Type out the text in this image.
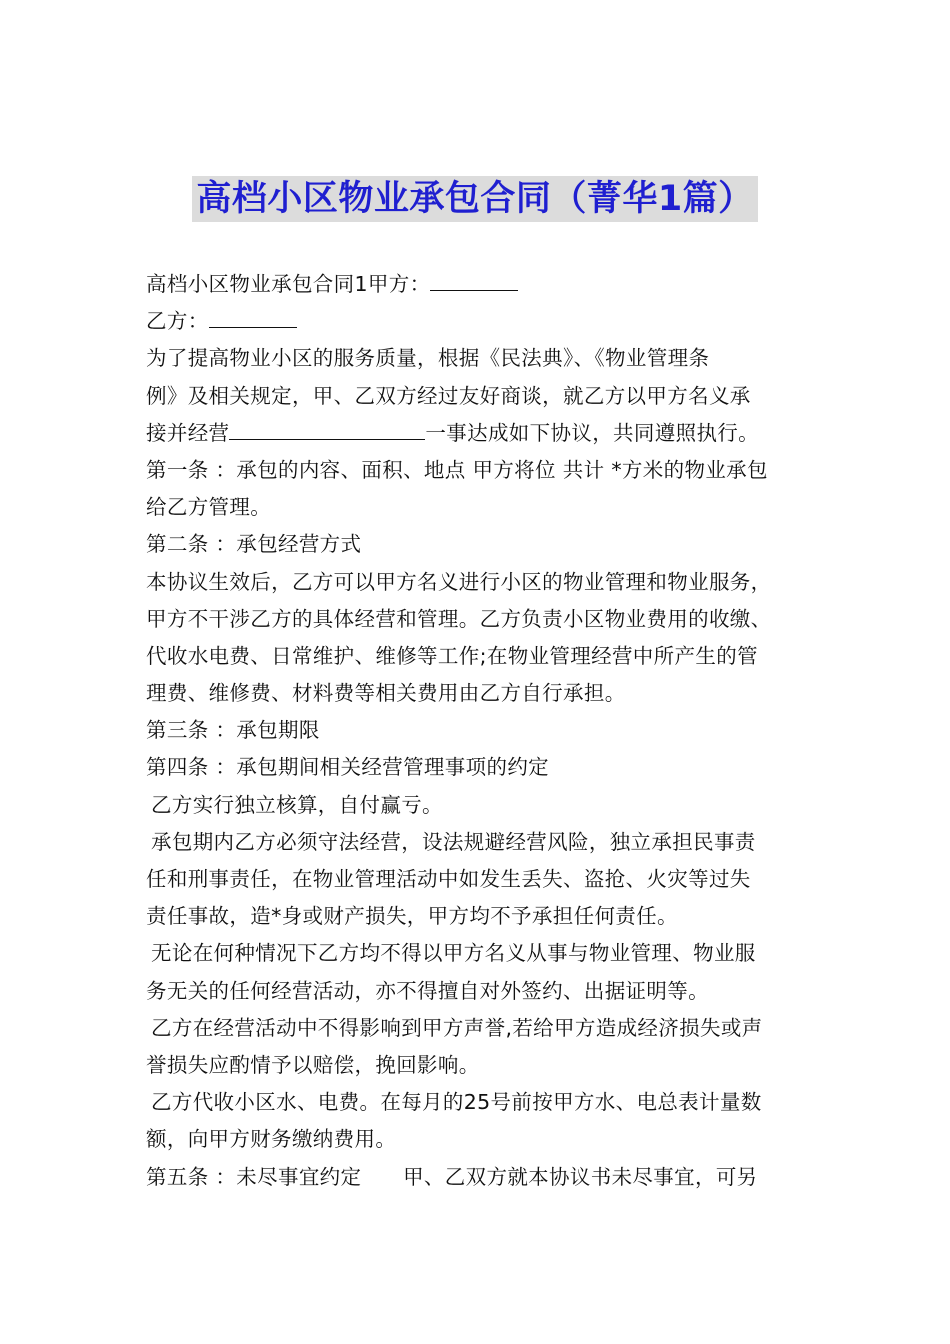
高档小区物业承包合同（菁华1篇）
高档小区物业承包合同1甲方：
乙方：
为了提高物业小区的服务质量，根据《民法典》、《物业管理条
例》及相关规定，甲、乙双方经过友好商谈，就乙方以甲方名义承
接并经营	一事达成如下协议，共同遵照执行。
第一条 ：承包的内容、面积、地点 甲方将位 共计 *方米的物业承包
给乙方管理。
第二条 ：承包经营方式
本协议生效后，乙方可以甲方名义进行小区的物业管理和物业服务，
甲方不干涉乙方的具体经营和管理。乙方负责小区物业费用的收缴、
代收水电费、日常维护、维修等工作;在物业管理经营中所产生的管
理费、维修费、材料费等相关费用由乙方自行承担。
第三条 ：承包期限
第四条 ：承包期间相关经营管理事项的约定
乙方实行独立核算，自付赢亏。
承包期内乙方必须守法经营，设法规避经营风险，独立承担民事责
任和刑事责任，在物业管理活动中如发生丢失、盗抢、火灾等过失
责任事故，造*身或财产损失，甲方均不予承担任何责任。
无论在何种情况下乙方均不得以甲方名义从事与物业管理、物业服
务无关的任何经营活动，亦不得擅自对外签约、出据证明等。
乙方在经营活动中不得影响到甲方声誉,若给甲方造成经济损失或声
誉损失应酌情予以赔偿，挽回影响。
乙方代收小区水、电费。在每月的25号前按甲方水、电总表计量数
额，向甲方财务缴纳费用。
第五条 ：未尽事宜约定　　甲、乙双方就本协议书未尽事宜，可另
